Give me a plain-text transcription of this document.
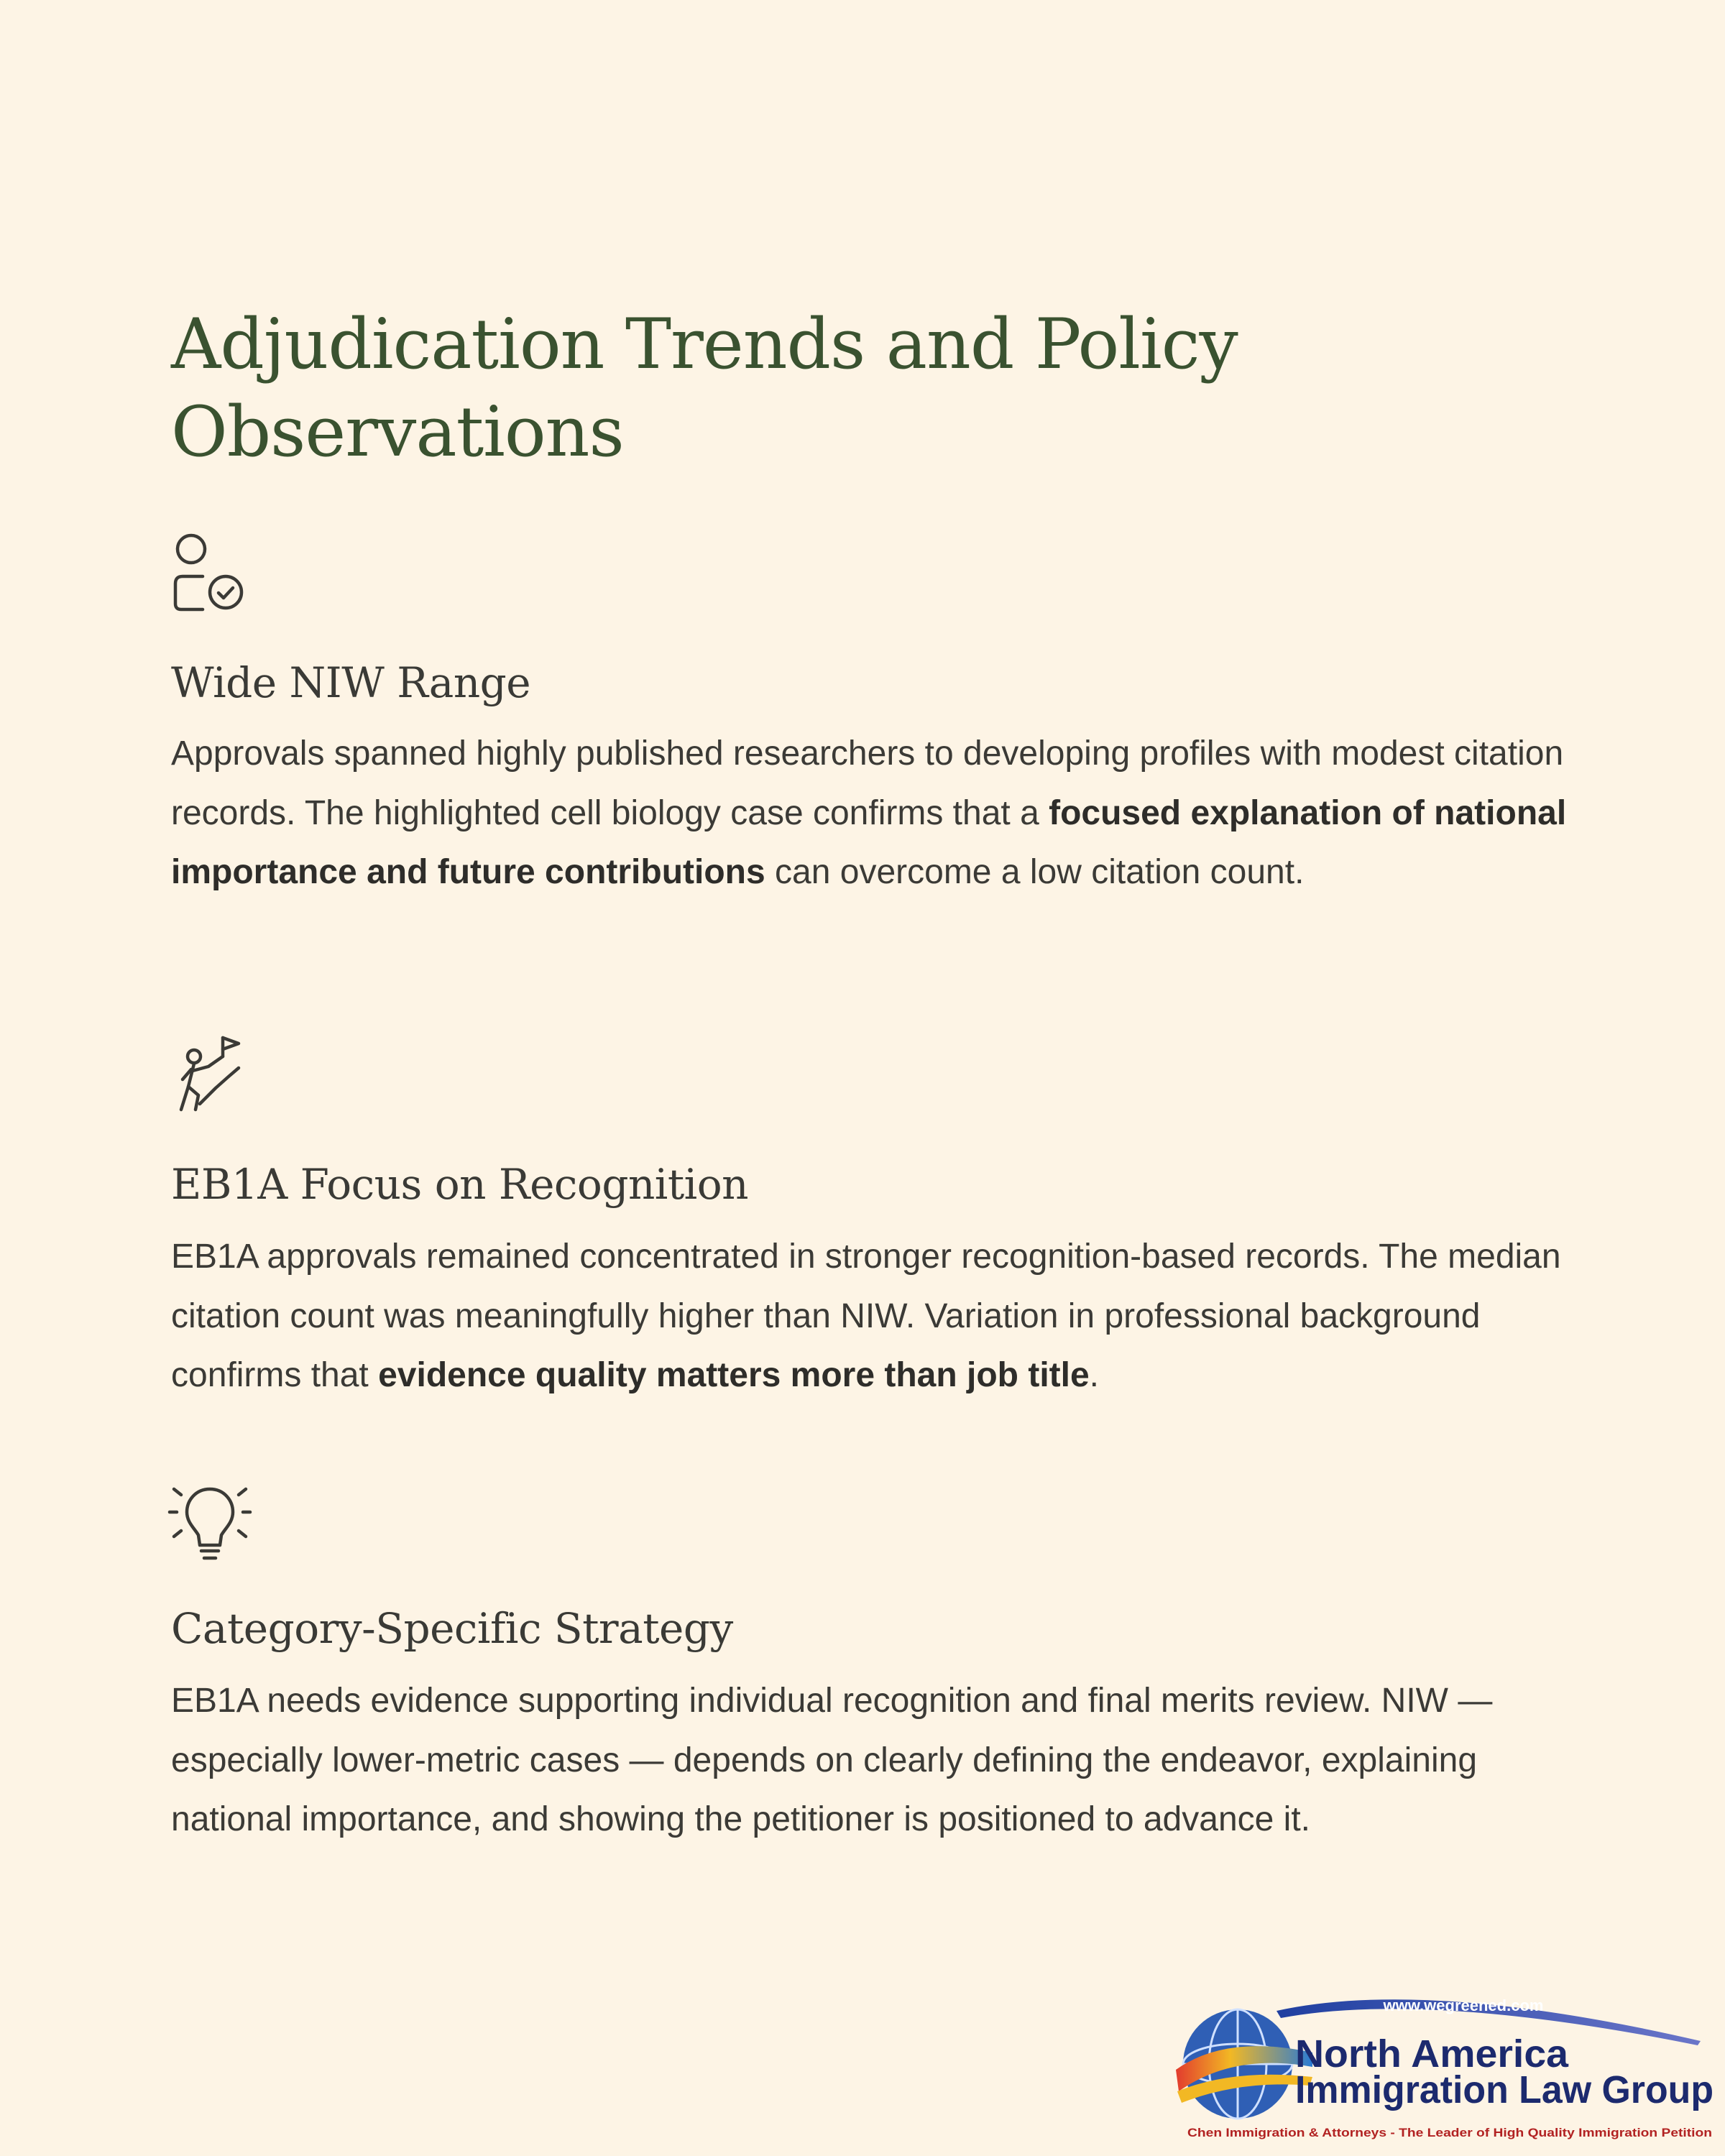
Adjudication Trends and Policy Observations
Wide NIW Range

Approvals spanned highly published researchers to developing profiles with modest citation records. The highlighted cell biology case confirms that a focused explanation of national importance and future contributions can overcome a low citation count.

EB1A Focus on Recognition

EB1A approvals remained concentrated in stronger recognition-based records. The median citation count was meaningfully higher than NIW. Variation in professional background confirms that evidence quality matters more than job title.

Category-Specific Strategy

EB1A needs evidence supporting individual recognition and final merits review. NIW — especially lower-metric cases — depends on clearly defining the endeavor, explaining national importance, and showing the petitioner is positioned to advance it.

www.wegreened.com
North America
Immigration Law Group
Chen Immigration & Attorneys - The Leader of High Quality Immigration Petition
